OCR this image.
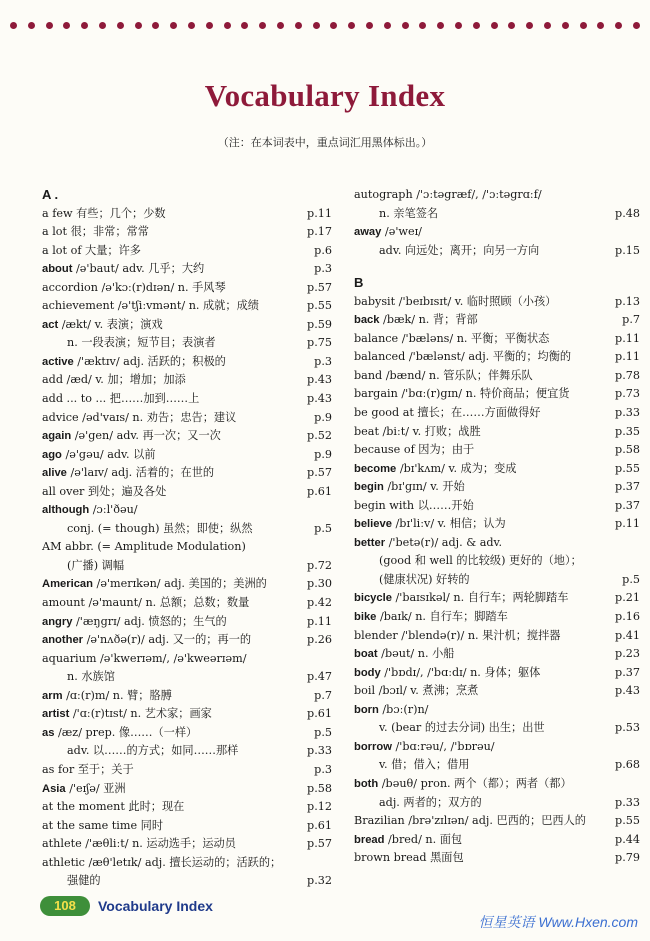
Vocabulary Index
（注：在本词表中，重点词汇用黑体标出。）
A .
a few 有些；几个；少数	p.11
a lot 很；非常；常常	p.17
a lot of 大量；许多	p.6
about /ə'baut/ adv. 几乎；大约	p.3
accordion /ə'kɔː(r)dɪən/ n. 手风琴	p.57
achievement /ə'tʃiːvmənt/ n. 成就；成绩	p.55
act /ækt/ v. 表演；演戏	p.59
n. 一段表演；短节目；表演者	p.75
active /'æktɪv/ adj. 活跃的；积极的	p.3
add /æd/ v. 加；增加；加添	p.43
add ... to ... 把……加到……上	p.43
advice /əd'vaɪs/ n. 劝告；忠告；建议	p.9
again /ə'gen/ adv. 再一次；又一次	p.52
ago /ə'gəu/ adv. 以前	p.9
alive /ə'laɪv/ adj. 活着的；在世的	p.57
all over 到处；遍及各处	p.61
although /ɔːl'ðəu/
conj. (= though) 虽然；即使；纵然	p.5
AM abbr. (= Amplitude Modulation)
(广播) 调幅	p.72
American /ə'merɪkən/ adj. 美国的；美洲的	p.30
amount /ə'maunt/ n. 总额；总数；数量	p.42
angry /'æŋgrɪ/ adj. 愤怒的；生气的	p.11
another /ə'nʌðə(r)/ adj. 又一的；再一的	p.26
aquarium /ə'kwerɪəm/, /ə'kweərɪəm/
n. 水族馆	p.47
arm /ɑː(r)m/ n. 臂；胳膊	p.7
artist /'ɑː(r)tɪst/ n. 艺术家；画家	p.61
as /æz/ prep. 像……（一样）	p.5
adv. 以……的方式；如同……那样	p.33
as for 至于；关于	p.3
Asia /'eɪʃə/ 亚洲	p.58
at the moment 此时；现在	p.12
at the same time 同时	p.61
athlete /'æθliːt/ n. 运动选手；运动员	p.57
athletic /æθ'letɪk/ adj. 擅长运动的；活跃的；
强健的	p.32
autograph /'ɔːtəgræf/, /'ɔːtəgrɑːf/
n. 亲笔签名	p.48
away /ə'weɪ/
adv. 向远处；离开；向另一方向	p.15
B
babysit /'beɪbɪsɪt/ v. 临时照顾（小孩）	p.13
back /bæk/ n. 背；背部	p.7
balance /'bæləns/ n. 平衡；平衡状态	p.11
balanced /'bælənst/ adj. 平衡的；均衡的	p.11
band /bænd/ n. 管乐队；伴舞乐队	p.78
bargain /'bɑː(r)gɪn/ n. 特价商品；便宜货	p.73
be good at 擅长；在……方面做得好	p.33
beat /biːt/ v. 打败；战胜	p.35
because of 因为；由于	p.58
become /bɪ'kʌm/ v. 成为；变成	p.55
begin /bɪ'gɪn/ v. 开始	p.37
begin with 以……开始	p.37
believe /bɪ'liːv/ v. 相信；认为	p.11
better /'betə(r)/ adj. & adv.
(good 和 well 的比较级) 更好的（地）；
(健康状况) 好转的	p.5
bicycle /'baɪsɪkəl/ n. 自行车；两轮脚踏车	p.21
bike /baɪk/ n. 自行车；脚踏车	p.16
blender /'blendə(r)/ n. 果汁机；搅拌器	p.41
boat /bəut/ n. 小船	p.23
body /'bɒdɪ/, /'bɑːdɪ/ n. 身体；躯体	p.37
boil /bɔɪl/ v. 煮沸；烹煮	p.43
born /bɔː(r)n/
v. (bear 的过去分词) 出生；出世	p.53
borrow /'bɑːrəu/, /'bɒrəu/
v. 借；借入；借用	p.68
both /bəuθ/ pron. 两个（都）；两者（都）
adj. 两者的；双方的	p.33
Brazilian /brə'zɪlɪən/ adj. 巴西的；巴西人的	p.55
bread /bred/ n. 面包	p.44
brown bread 黑面包	p.79
108	Vocabulary Index
恒星英语 Www.Hxen.com
